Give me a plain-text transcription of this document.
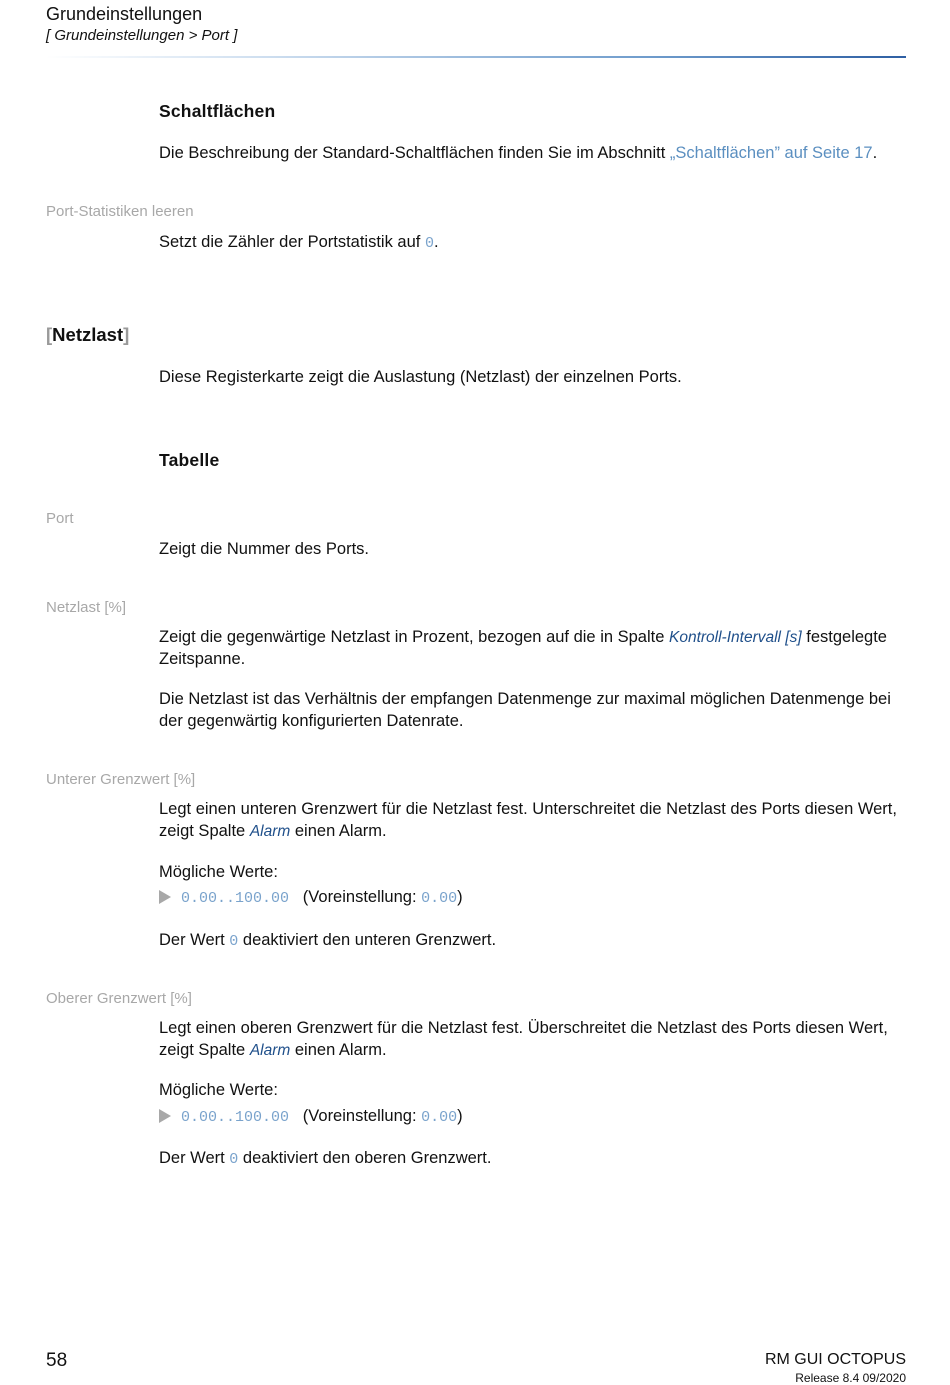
Grundeinstellungen
[ Grundeinstellungen > Port ]
Schaltflächen
Die Beschreibung der Standard-Schaltflächen finden Sie im Abschnitt „Schaltflächen” auf Seite 17.
Port-Statistiken leeren
Setzt die Zähler der Portstatistik auf 0.
[Netzlast]
Diese Registerkarte zeigt die Auslastung (Netzlast) der einzelnen Ports.
Tabelle
Port
Zeigt die Nummer des Ports.
Netzlast [%]
Zeigt die gegenwärtige Netzlast in Prozent, bezogen auf die in Spalte Kontroll-Intervall [s] festgelegte Zeitspanne.
Die Netzlast ist das Verhältnis der empfangen Datenmenge zur maximal möglichen Datenmenge bei der gegenwärtig konfigurierten Datenrate.
Unterer Grenzwert [%]
Legt einen unteren Grenzwert für die Netzlast fest. Unterschreitet die Netzlast des Ports diesen Wert, zeigt Spalte Alarm einen Alarm.
Mögliche Werte:
0.00..100.00 (Voreinstellung: 0.00)
Der Wert 0 deaktiviert den unteren Grenzwert.
Oberer Grenzwert [%]
Legt einen oberen Grenzwert für die Netzlast fest. Überschreitet die Netzlast des Ports diesen Wert, zeigt Spalte Alarm einen Alarm.
Mögliche Werte:
0.00..100.00 (Voreinstellung: 0.00)
Der Wert 0 deaktiviert den oberen Grenzwert.
58	RM GUI OCTOPUS
Release 8.4 09/2020
